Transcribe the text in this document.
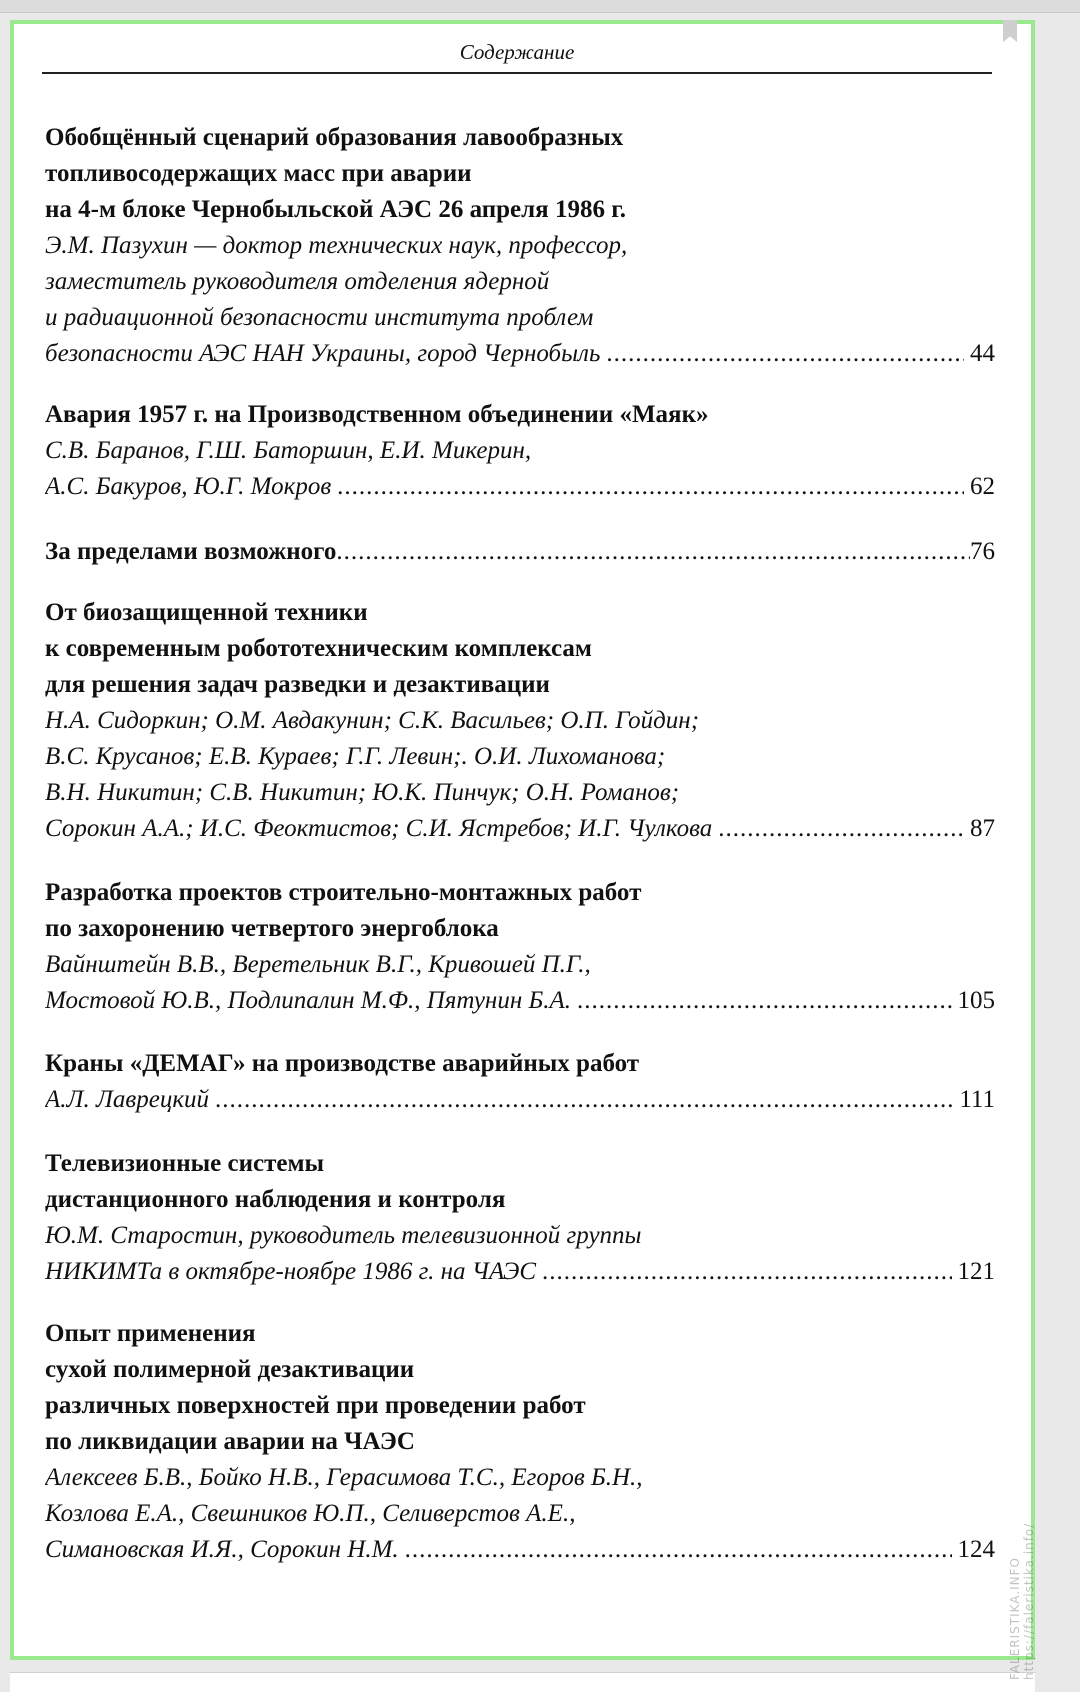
Содержание
Обобщённый сценарий образования лавообразных
топливосодержащих масс при аварии
на 4-м блоке Чернобыльской АЭС 26 апреля 1986 г.
Э.М. Пазухин — доктор технических наук, профессор,
заместитель руководителя отделения ядерной
и радиационной безопасности института проблем
безопасности АЭС НАН Украины, город Чернобыль .....	44
Авария 1957 г. на Производственном объединении «Маяк»
С.В. Баранов, Г.Ш. Баторшин, Е.И. Микерин,
А.С. Бакуров, Ю.Г. Мокров .....	62
За пределами возможного .....	76
От биозащищенной техники
к современным робототехническим комплексам
для решения задач разведки и дезактивации
Н.А. Сидоркин; О.М. Авдакунин; С.К. Васильев; О.П. Гойдин;
В.С. Крусанов; Е.В. Кураев; Г.Г. Левин;. О.И. Лихоманова;
В.Н. Никитин; С.В. Никитин; Ю.К. Пинчук; О.Н. Романов;
Сорокин А.А.; И.С. Феоктистов; С.И. Ястребов; И.Г. Чулкова .....	87
Разработка проектов строительно-монтажных работ
по захоронению четвертого энергоблока
Вайнштейн В.В., Веретельник В.Г., Кривошей П.Г.,
Мостовой Ю.В., Подлипалин М.Ф., Пятунин Б.А. .....	105
Краны «ДЕМАГ» на производстве аварийных работ
А.Л. Лаврецкий .....	111
Телевизионные системы
дистанционного наблюдения и контроля
Ю.М. Старостин, руководитель телевизионной группы
НИКИМТа в октябре-ноябре 1986 г. на ЧАЭС .....	121
Опыт применения
сухой полимерной дезактивации
различных поверхностей при проведении работ
по ликвидации аварии на ЧАЭС
Алексеев Б.В., Бойко Н.В., Герасимова Т.С., Егоров Б.Н.,
Козлова Е.А., Свешников Ю.П., Селиверстов А.Е.,
Симановская И.Я., Сорокин Н.М. .....	124
FALERISTIKA.INFO https://faleristika.info/
